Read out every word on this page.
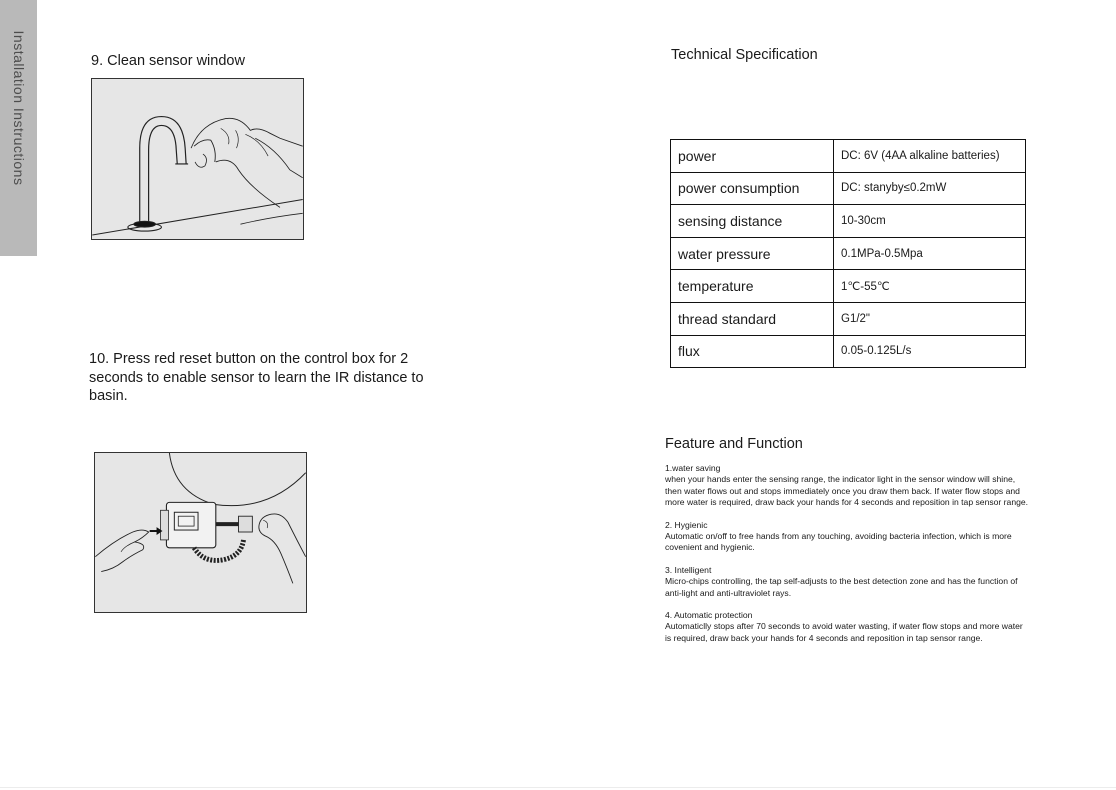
Installation Instructions	9. Clean sensor window
10. Press red reset button on the control box for 2 seconds to enable sensor to learn the IR distance to basin.
Technical Specification
power	DC: 6V (4AA alkaline batteries)
power consumption	DC: stanyby≤0.2mW
sensing distance	10-30cm
water pressure	0.1MPa-0.5Mpa
temperature	1℃-55℃
thread standard	G1/2"
flux	0.05-0.125L/s
Feature and Function
1.water saving
when your hands enter the sensing range, the indicator light in the sensor window will shine,
then water flows out and stops immediately once you draw them back. If water flow stops and
more water is required, draw back your hands for 4 seconds and reposition in tap sensor range.
2. Hygienic
Automatic on/off to free hands from any touching, avoiding bacteria infection, which is more
covenient and hygienic.
3. Intelligent
Micro-chips controlling, the tap self-adjusts to the best detection zone and has the function of
anti-light and anti-ultraviolet rays.
4. Automatic protection
Automaticlly stops after 70 seconds to avoid water wasting, if water flow stops and more water
is required, draw back your hands for 4 seconds and reposition in tap sensor range.
